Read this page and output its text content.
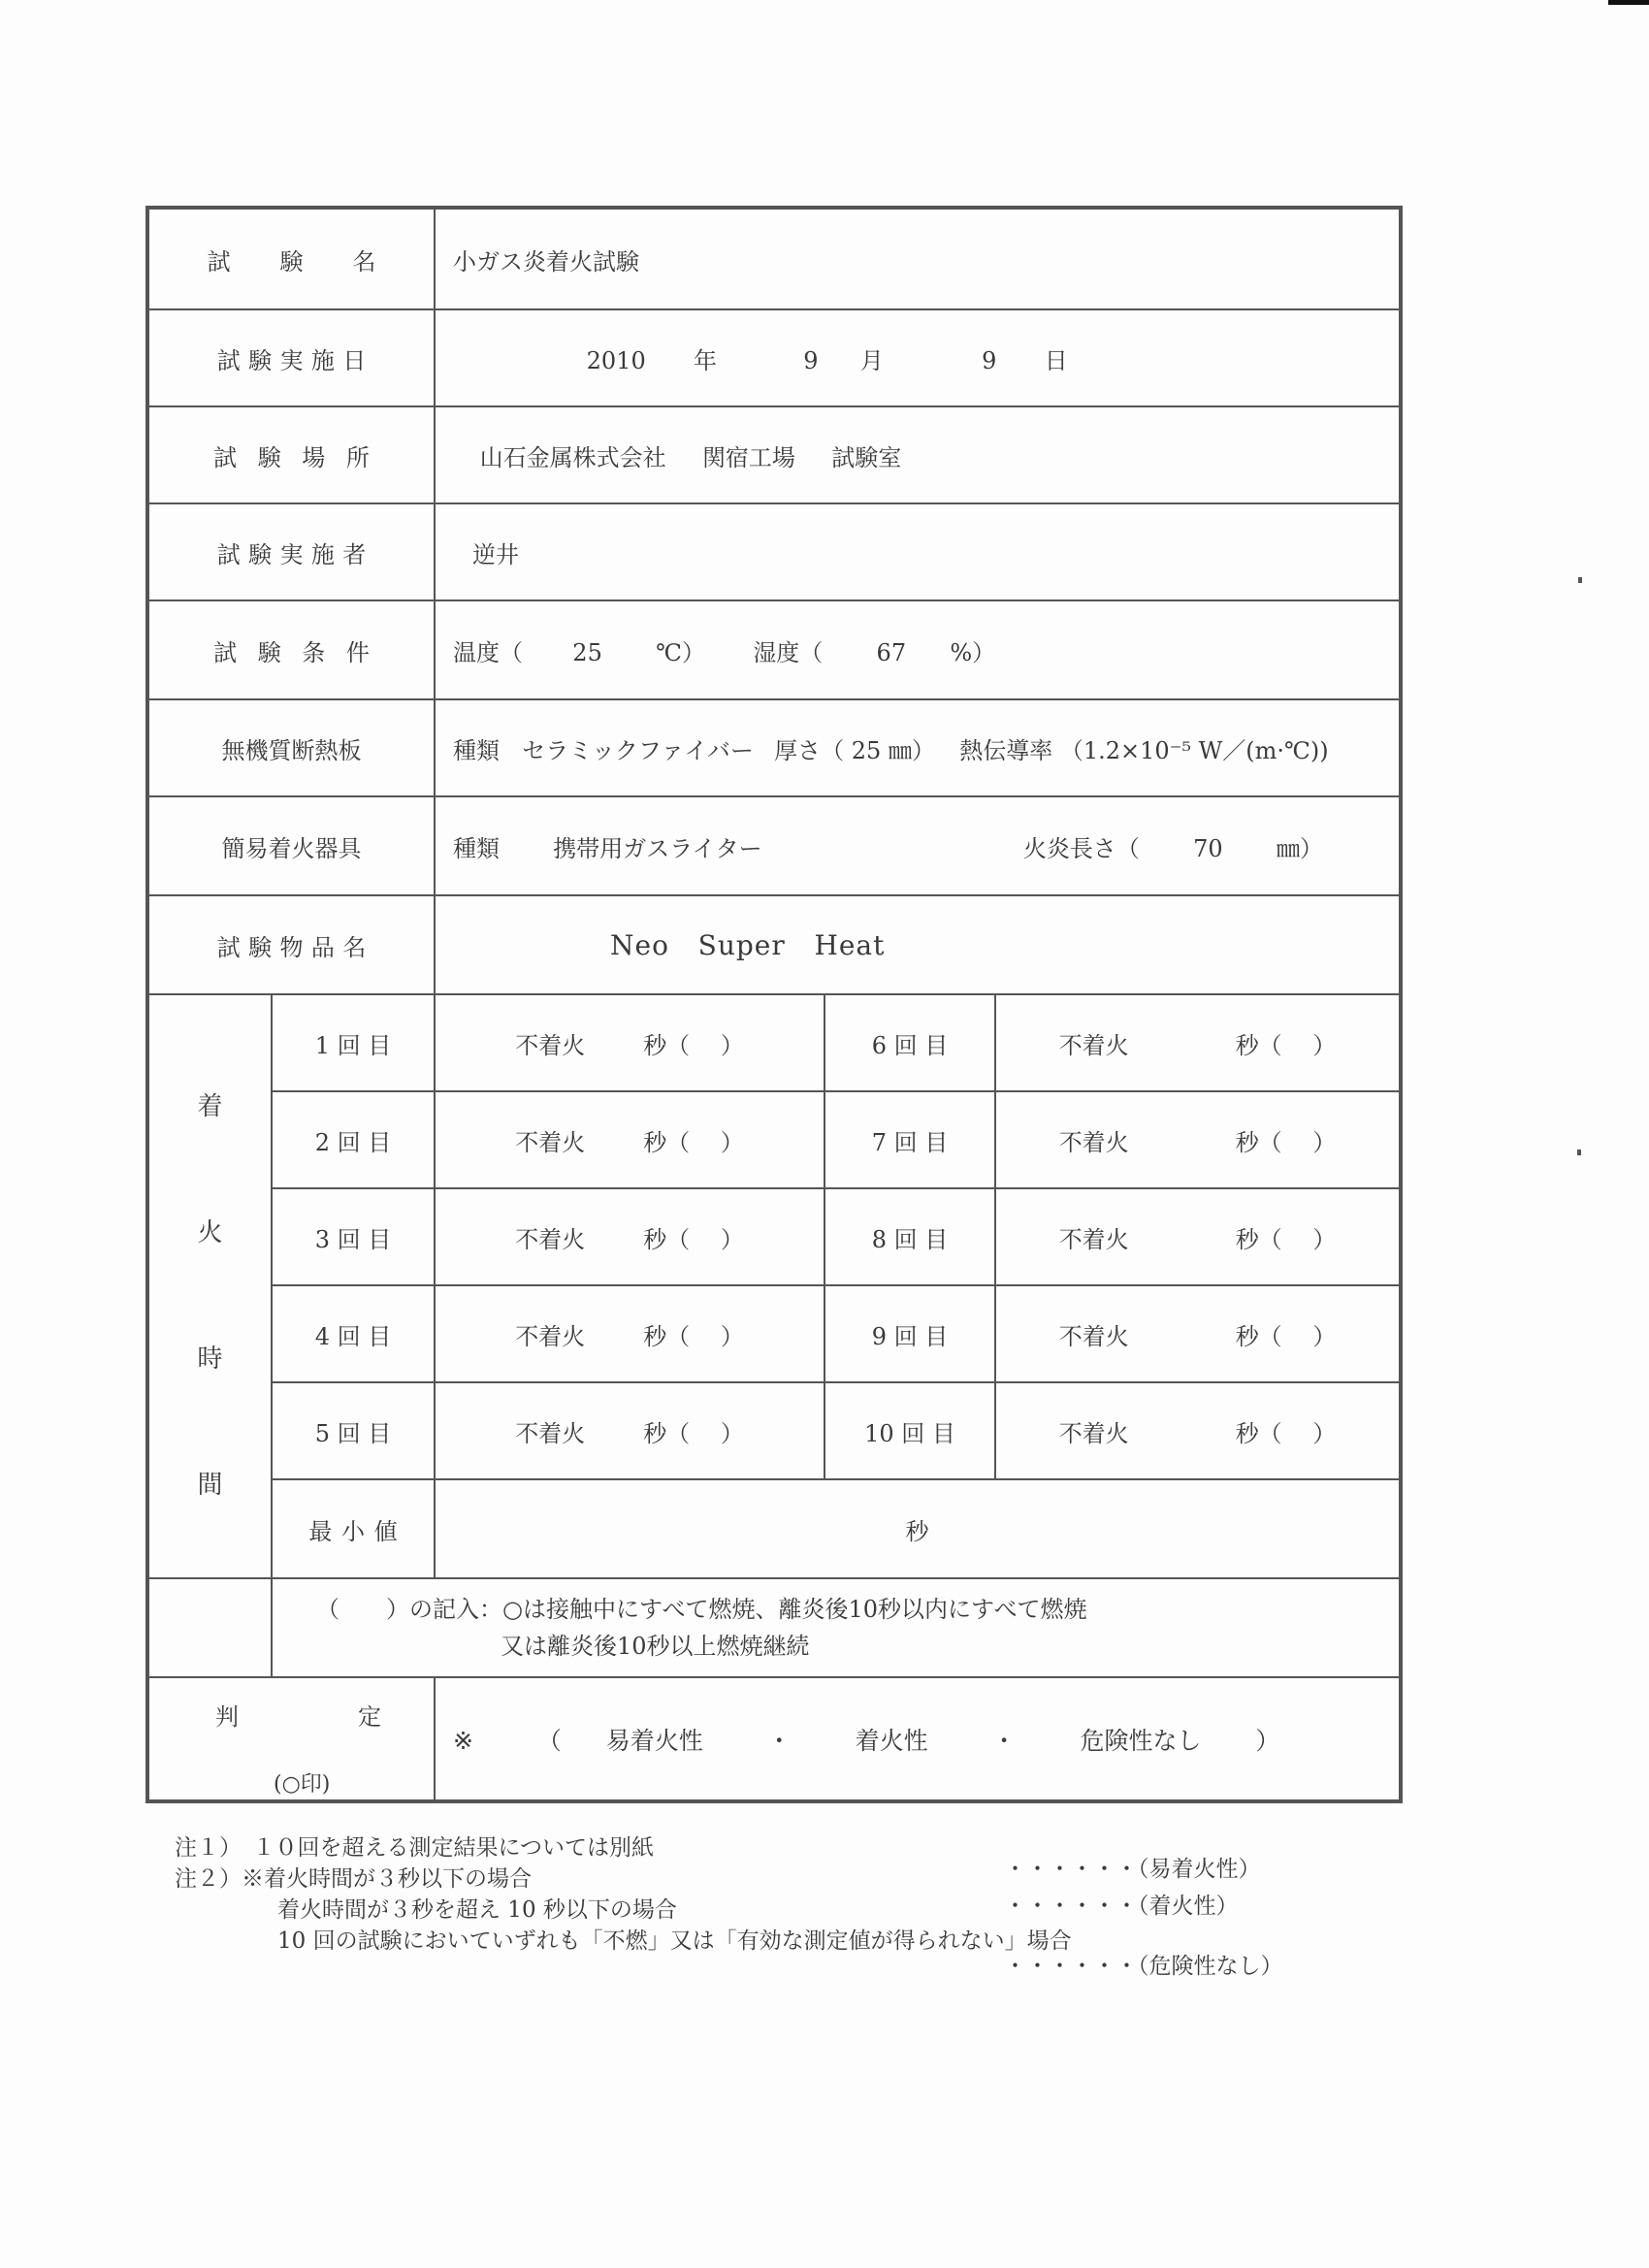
試 験 名		小ガス炎着火試験		
試験実施日		2010 年 9 月 9 日		
試験場所		山石金属株式会社 関宿工場 試験室		
試験実施者		逆井		
試験条件		温度（ 25 ℃） 湿度（ 67 %）		
無機質断熱板		種類 セラミックファイバー 厚さ（ 25 ㎜） 熱伝導率 （1.2×10⁻⁵ W／(m·℃))		
簡易着火器具		種類 携帯用ガスライター 火炎長さ（ 70 ㎜）		
試験物品名		Neo   Super   Heat		

着
火
時
間	1 回 目	不着火 秒（　 ）	6 回 目	不着火 秒（　 ）
	2 回 目	不着火 秒（　 ）	7 回 目	不着火 秒（　 ）
	3 回 目	不着火 秒（　 ）	8 回 目	不着火 秒（　 ）
	4 回 目	不着火 秒（　 ）	9 回 目	不着火 秒（　 ）
	5 回 目	不着火 秒（　 ）	10 回 目	不着火 秒（　 ）
	最小値	秒		

	（　　）の記入：○は接触中にすべて燃焼、離炎後10秒以内にすべて燃焼
又は離炎後10秒以上燃焼継続			

判 定
(○印)		※ （ 易着火性 ・ 着火性 ・ 危険性なし ）		
注１）　１０回を超える測定結果については別紙
注２）※着火時間が３秒以下の場合	・・・・・・（易着火性）
着火時間が３秒を超え 10 秒以下の場合	・・・・・・（着火性）
10 回の試験においていずれも「不燃」又は「有効な測定値が得られない」場合
・・・・・・（危険性なし）
